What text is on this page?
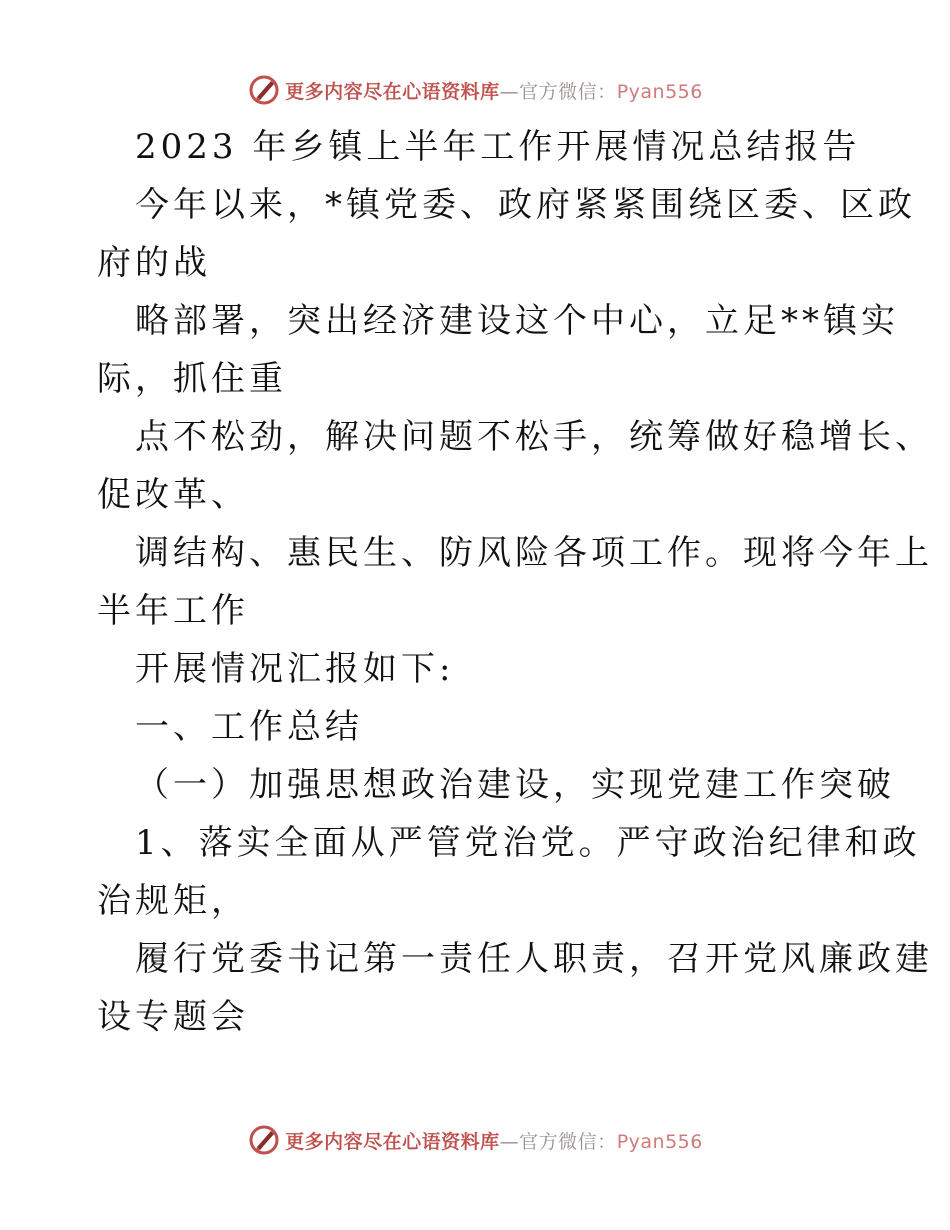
更多内容尽在心语资料库—官方微信：Pyan556
2023 年乡镇上半年工作开展情况总结报告
今年以来，*镇党委、政府紧紧围绕区委、区政
府的战
略部署，突出经济建设这个中心，立足**镇实
际，抓住重
点不松劲，解决问题不松手，统筹做好稳增长、
促改革、
调结构、惠民生、防风险各项工作。现将今年上
半年工作
开展情况汇报如下:
一、工作总结
（一）加强思想政治建设，实现党建工作突破
1、落实全面从严管党治党。严守政治纪律和政
治规矩，
履行党委书记第一责任人职责，召开党风廉政建
设专题会
更多内容尽在心语资料库—官方微信：Pyan556
